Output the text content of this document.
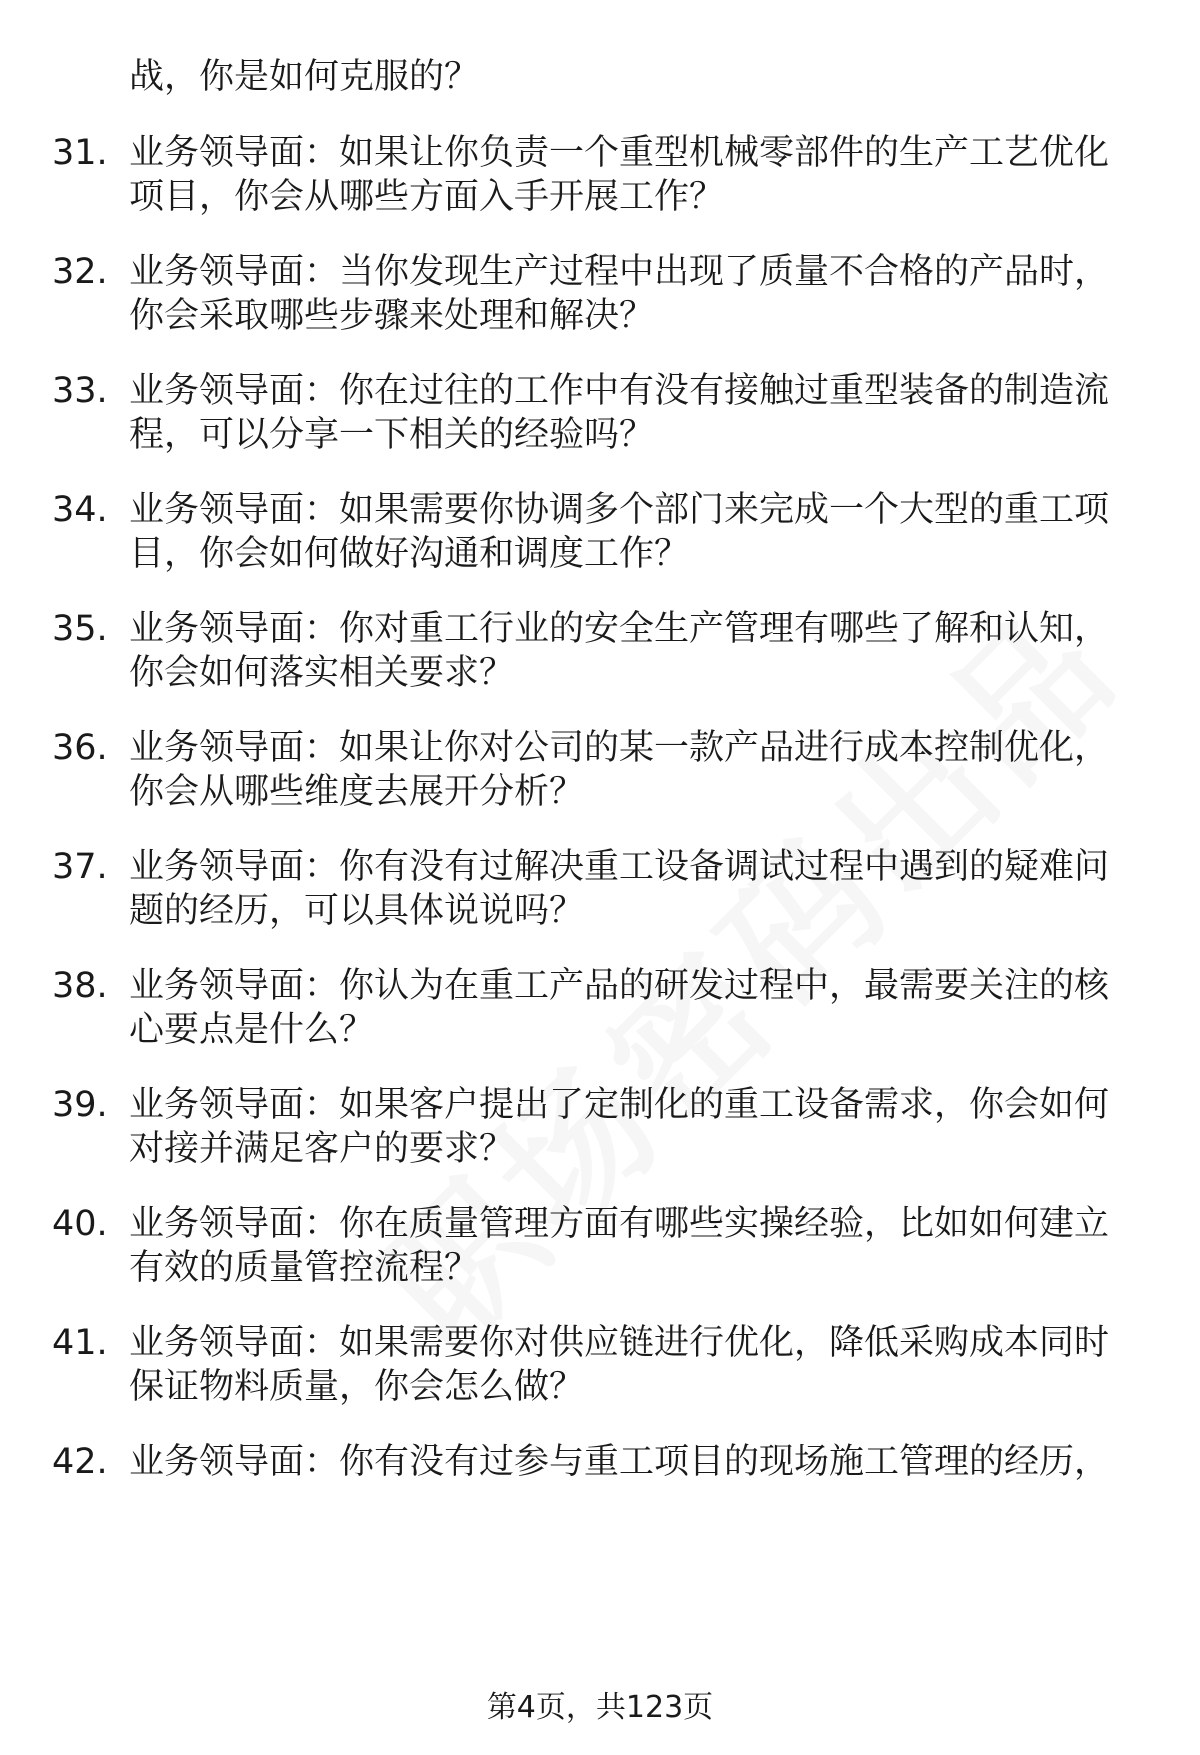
战，你是如何克服的？
31. 业务领导面：如果让你负责一个重型机械零部件的生产工艺优化
项目，你会从哪些方面入手开展工作？
32. 业务领导面：当你发现生产过程中出现了质量不合格的产品时，
你会采取哪些步骤来处理和解决？
33. 业务领导面：你在过往的工作中有没有接触过重型装备的制造流
程，可以分享一下相关的经验吗？
34. 业务领导面：如果需要你协调多个部门来完成一个大型的重工项
目，你会如何做好沟通和调度工作？
35. 业务领导面：你对重工行业的安全生产管理有哪些了解和认知，
你会如何落实相关要求？
36. 业务领导面：如果让你对公司的某一款产品进行成本控制优化，
你会从哪些维度去展开分析？
37. 业务领导面：你有没有过解决重工设备调试过程中遇到的疑难问
题的经历，可以具体说说吗？
38. 业务领导面：你认为在重工产品的研发过程中，最需要关注的核
心要点是什么？
39. 业务领导面：如果客户提出了定制化的重工设备需求，你会如何
对接并满足客户的要求？
40. 业务领导面：你在质量管理方面有哪些实操经验，比如如何建立
有效的质量管控流程？
41. 业务领导面：如果需要你对供应链进行优化，降低采购成本同时
保证物料质量，你会怎么做？
42. 业务领导面：你有没有过参与重工项目的现场施工管理的经历，
第4页，共123页
